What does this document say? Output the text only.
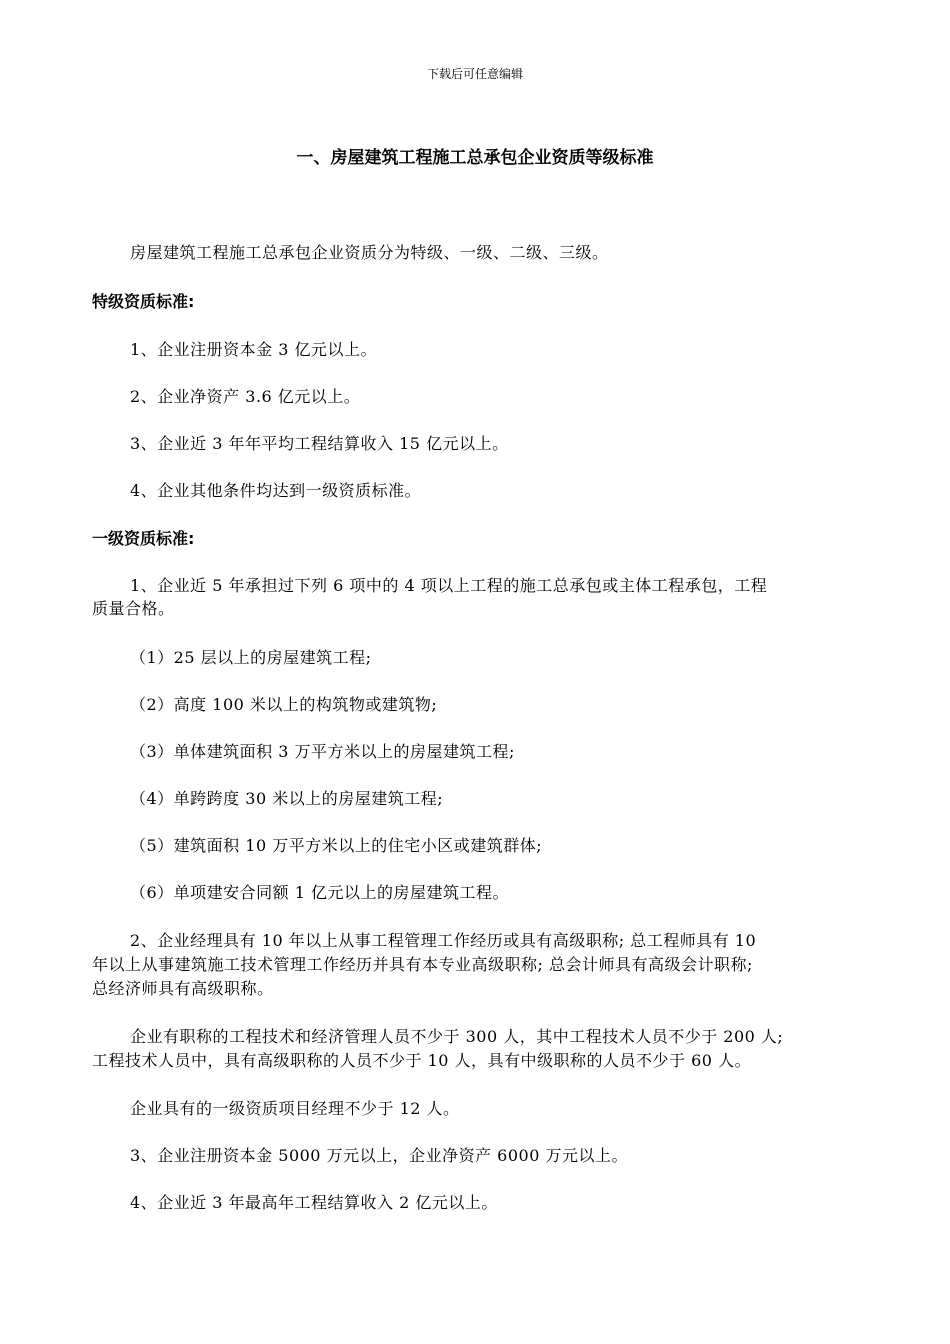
下载后可任意编辑
一、房屋建筑工程施工总承包企业资质等级标准
房屋建筑工程施工总承包企业资质分为特级、一级、二级、三级。
特级资质标准:
1、企业注册资本金 3 亿元以上。
2、企业净资产 3.6 亿元以上。
3、企业近 3 年年平均工程结算收入 15 亿元以上。
4、企业其他条件均达到一级资质标准。
一级资质标准:
1、企业近 5 年承担过下列 6 项中的 4 项以上工程的施工总承包或主体工程承包，工程
质量合格。
（1）25 层以上的房屋建筑工程;
（2）高度 100 米以上的构筑物或建筑物;
（3）单体建筑面积 3 万平方米以上的房屋建筑工程;
（4）单跨跨度 30 米以上的房屋建筑工程;
（5）建筑面积 10 万平方米以上的住宅小区或建筑群体;
（6）单项建安合同额 1 亿元以上的房屋建筑工程。
2、企业经理具有 10 年以上从事工程管理工作经历或具有高级职称; 总工程师具有 10
年以上从事建筑施工技术管理工作经历并具有本专业高级职称; 总会计师具有高级会计职称;
总经济师具有高级职称。
企业有职称的工程技术和经济管理人员不少于 300 人，其中工程技术人员不少于 200 人;
工程技术人员中，具有高级职称的人员不少于 10 人，具有中级职称的人员不少于 60 人。
企业具有的一级资质项目经理不少于 12 人。
3、企业注册资本金 5000 万元以上，企业净资产 6000 万元以上。
4、企业近 3 年最高年工程结算收入 2 亿元以上。
